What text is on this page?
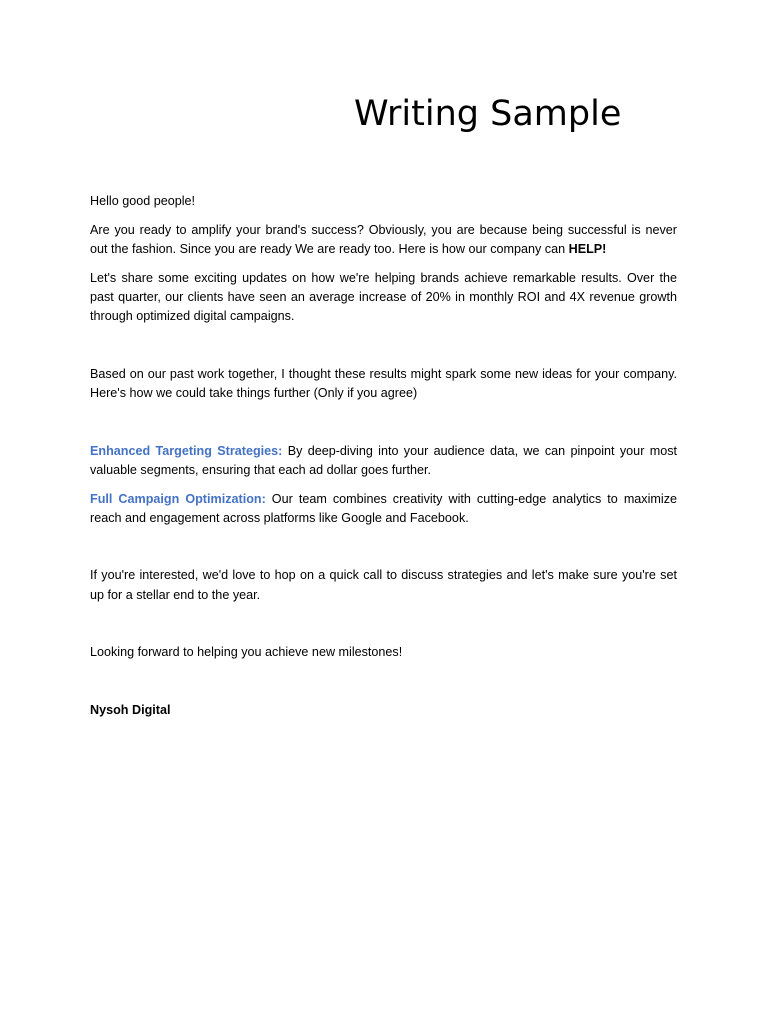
Writing Sample

Hello good people!

Are you ready to amplify your brand's success? Obviously, you are because being successful is never out the fashion. Since you are ready We are ready too. Here is how our company can HELP!

Let's share some exciting updates on how we're helping brands achieve remarkable results. Over the past quarter, our clients have seen an average increase of 20% in monthly ROI and 4X revenue growth through optimized digital campaigns.

Based on our past work together, I thought these results might spark some new ideas for your company. Here's how we could take things further (Only if you agree)

Enhanced Targeting Strategies: By deep-diving into your audience data, we can pinpoint your most valuable segments, ensuring that each ad dollar goes further.

Full Campaign Optimization: Our team combines creativity with cutting-edge analytics to maximize reach and engagement across platforms like Google and Facebook.

If you're interested, we'd love to hop on a quick call to discuss strategies and let's make sure you're set up for a stellar end to the year.

Looking forward to helping you achieve new milestones!

Nysoh Digital
